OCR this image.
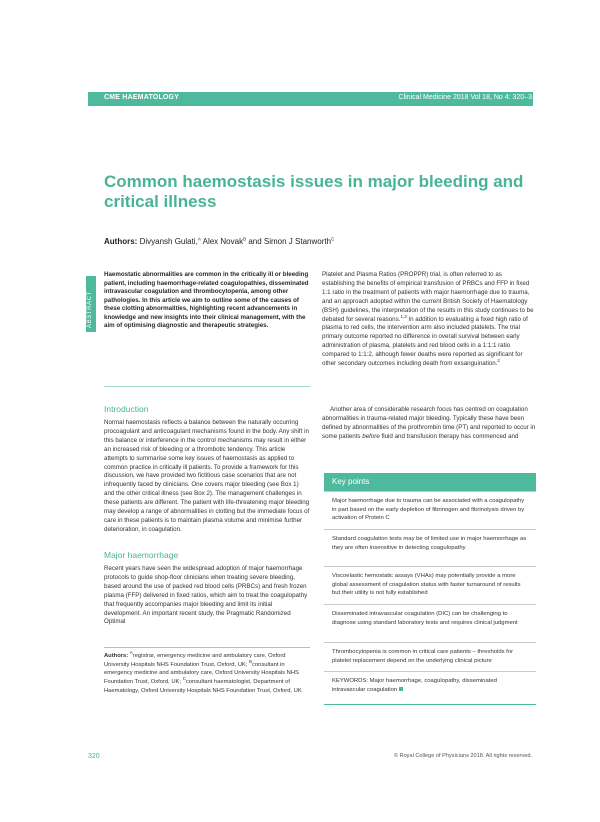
CME HAEMATOLOGY	Clinical Medicine 2018 Vol 18, No 4: 320–3
Common haemostasis issues in major bleeding and critical illness
Authors: Divyansh Gulati,$^A$ Alex Novak$^B$ and Simon J Stanworth$^C$
ABSTRACT

Haemostatic abnormalities are common in the critically ill or bleeding patient, including haemorrhage-related coagulopathies, disseminated intravascular coagulation and thrombocytopenia, among other pathologies. In this article we aim to outline some of the causes of these clotting abnormalities, highlighting recent advancements in knowledge and new insights into their clinical management, with the aim of optimising diagnostic and therapeutic strategies.

Introduction

Normal haemostasis reflects a balance between the naturally occurring procoagulant and anticoagulant mechanisms found in the body. Any shift in this balance or interference in the control mechanisms may result in either an increased risk of bleeding or a thrombotic tendency. This article attempts to summarise some key issues of haemostasis as applied to common practice in critically ill patients. To provide a framework for this discussion, we have provided two fictitious case scenarios that are not infrequently faced by clinicians. One covers major bleeding (see Box 1) and the other critical illness (see Box 2). The management challenges in these patients are different. The patient with life-threatening major bleeding may develop a range of abnormalities in clotting but the immediate focus of care in these patients is to maintain plasma volume and minimise further deterioration, in coagulation.

Major haemorrhage

Recent years have seen the widespread adoption of major haemorrhage protocols to guide shop-floor clinicians when treating severe bleeding, based around the use of packed red blood cells (PRBCs) and fresh frozen plasma (FFP) delivered in fixed ratios, which aim to treat the coagulopathy that frequently accompanies major bleeding and limit its initial development. An important recent study, the Pragmatic Randomized Optimal

Authors: $^A$registrar, emergency medicine and ambulatory care, Oxford University Hospitals NHS Foundation Trust, Oxford, UK; $^B$consultant in emergency medicine and ambulatory care, Oxford University Hospitals NHS Foundation Trust, Oxford, UK; $^C$consultant haematologist, Department of Haematology, Oxford University Hospitals NHS Foundation Trust, Oxford, UK

Platelet and Plasma Ratios (PROPPR) trial, is often referred to as establishing the benefits of empirical transfusion of PRBCs and FFP in fixed 1:1 ratio in the treatment of patients with major haemorrhage due to trauma, and an approach adopted within the current British Society of Haematology (BSH) guidelines, the interpretation of the results in this study continues to be debated for several reasons.$^{1,2}$ In addition to evaluating a fixed high ratio of plasma to red cells, the intervention arm also included platelets. The trial primary outcome reported no difference in overall survival between early administration of plasma, platelets and red blood cells in a 1:1:1 ratio compared to 1:1:2, although fewer deaths were reported as significant for other secondary outcomes including death from exsanguination.$^2$

Another area of considerable research focus has centred on coagulation abnormalities in trauma-related major bleeding. Typically these have been defined by abnormalities of the prothrombin time (PT) and reported to occur in some patients before fluid and transfusion therapy has commenced and

Key points

Major haemorrhage due to trauma can be associated with a coagulopathy in part based on the early depletion of fibrinogen and fibrinolysis driven by activation of Protein C

Standard coagulation tests may be of limited use in major haemorrhage as they are often insensitive in detecting coagulopathy

Viscoelastic hemostatic assays (VHAs) may potentially provide a more global assessment of coagulation status with faster turnaround of results but their utility is not fully established

Disseminated intravascular coagulation (DIC) can be challenging to diagnose using standard laboratory tests and requires clinical judgment

Thrombocytopenia is common in critical care patients – thresholds for platelet replacement depend on the underlying clinical picture

KEYWORDS: Major haemorrhage, coagulopathy, disseminated intravascular coagulation

320	© Royal College of Physicians 2018. All rights reserved.
